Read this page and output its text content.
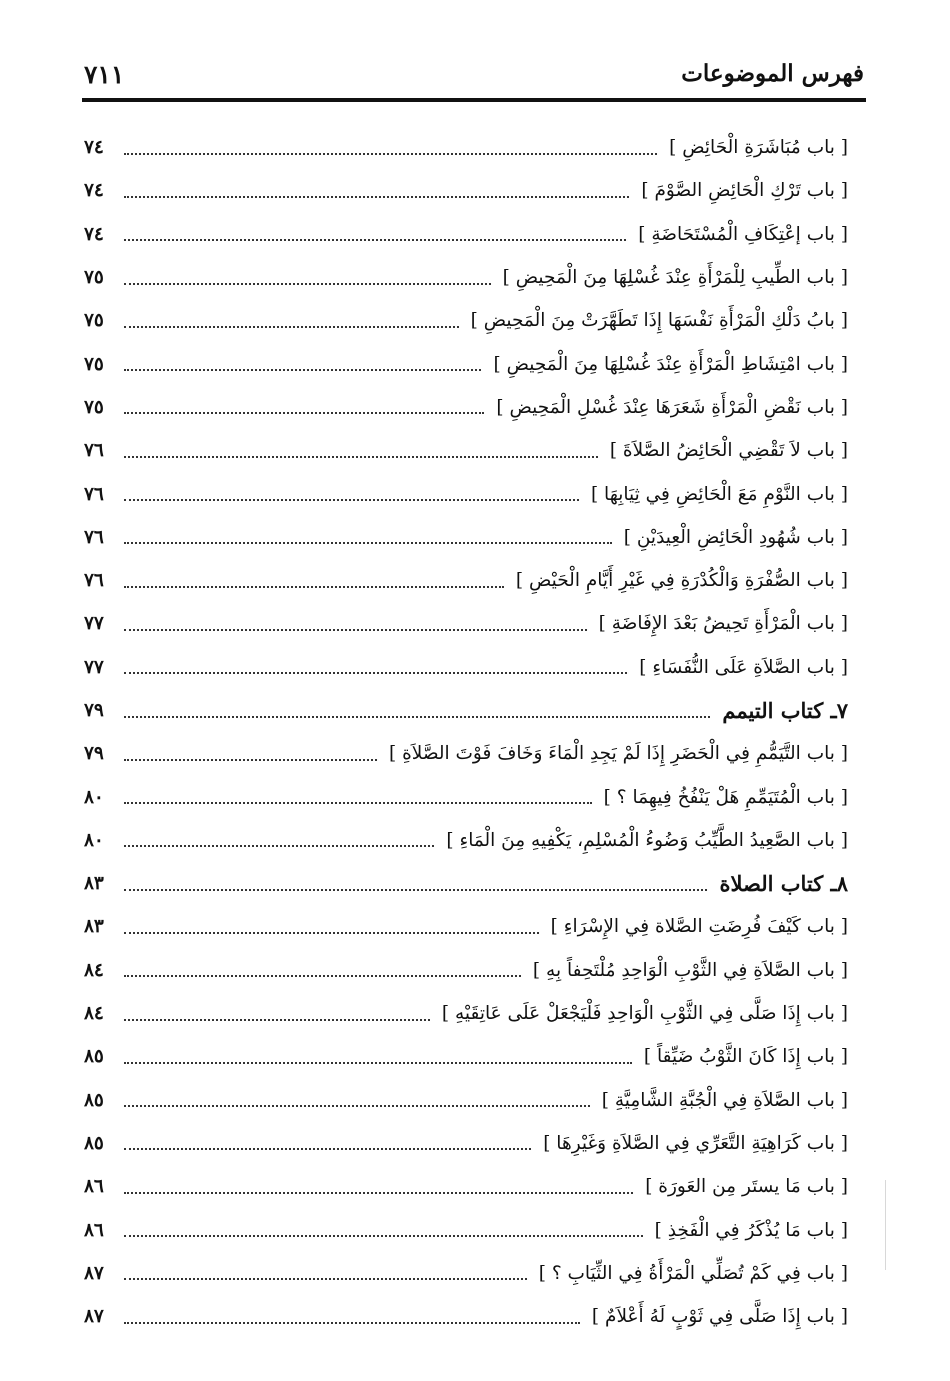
فهرس الموضوعات
٧١١
[ باب مُبَاشَرَةِ الْحَائِضِ ]
٧٤
[ باب تَرْكِ الْحَائِضِ الصَّوْمَ ]
٧٤
[ باب إعْتِكَافِ الْمُسْتَحَاضَةِ ]
٧٤
[ باب الطِّيبِ لِلْمَرْأَةِ عِنْدَ غُسْلِهَا مِنَ الْمَحِيضِ ]
٧٥
[ بابُ دَلْكِ الْمَرْأَةِ نَفْسَهَا إِذَا تَطَهَّرَتْ مِنَ الْمَحِيضِ ]
٧٥
[ باب امْتِشَاطِ الْمَرْأَةِ عِنْدَ غُسْلِهَا مِنَ الْمَحِيضِ ]
٧٥
[ باب نَقْضِ الْمَرْأَةِ شَعَرَهَا عِنْدَ غُسْلِ الْمَحِيضِ ]
٧٥
[ باب لاَ تَقْضِي الْحَائِضُ الصَّلاَةَ ]
٧٦
[ باب النَّوْمِ مَعَ الْحَائِضِ فِي ثِيَابِهَا ]
٧٦
[ باب شُهُودِ الْحَائِضِ الْعِيدَيْنِ ]
٧٦
[ باب الصُّفْرَةِ وَالْكُدْرَةِ فِي غَيْرِ أَيَّامِ الْحَيْضِ ]
٧٦
[ باب الْمَرْأَةِ تَحِيضُ بَعْدَ الإِفَاضَةِ ]
٧٧
[ باب الصَّلاَةِ عَلَى النُّفَسَاءِ ]
٧٧
٧ـ كتاب التيمم
٧٩
[ باب التَّيَمُّمِ فِي الْحَضَرِ إِذَا لَمْ يَجِدِ الْمَاءَ وَخَافَ فَوْتَ الصَّلاَةِ ]
٧٩
[ باب الْمُتَيَمِّمِ هَلْ يَنْفُخُ فِيهِمَا ؟ ]
٨٠
[ باب الصَّعِيدُ الطَّيِّبُ وَضُوءُ الْمُسْلِمِ، يَكْفِيهِ مِنَ الْمَاءِ ]
٨٠
٨ـ كتاب الصلاة
٨٣
[ باب كَيْفَ فُرِضَتِ الصَّلاة فِي الإِسْرَاءِ ]
٨٣
[ باب الصَّلاَةِ فِي الثَّوْبِ الْوَاحِدِ مُلْتَحِفاً بِهِ ]
٨٤
[ باب إِذَا صَلَّى فِي الثَّوْبِ الْوَاحِدِ فَلْيَجْعَلْ عَلَى عَاتِقَيْهِ ]
٨٤
[ باب إِذَا كَانَ الثَّوْبُ ضَيِّقاً ]
٨٥
[ باب الصَّلاَةِ فِي الْجُبَّةِ الشَّامِيَّةِ ]
٨٥
[ باب كَرَاهِيَةِ التَّعَرِّي فِي الصَّلاَةِ وَغَيْرِهَا ]
٨٥
[ باب مَا يستَر مِن العَورَة ]
٨٦
[ باب مَا يُذْكَرُ فِي الْفَخِذِ ]
٨٦
[ باب فِي كَمْ تُصَلِّي الْمَرْأَةُ فِي الثِّيَابِ ؟ ]
٨٧
[ باب إِذَا صَلَّى فِي ثَوْبٍ لَهُ أَعْلاَمٌ ]
٨٧
